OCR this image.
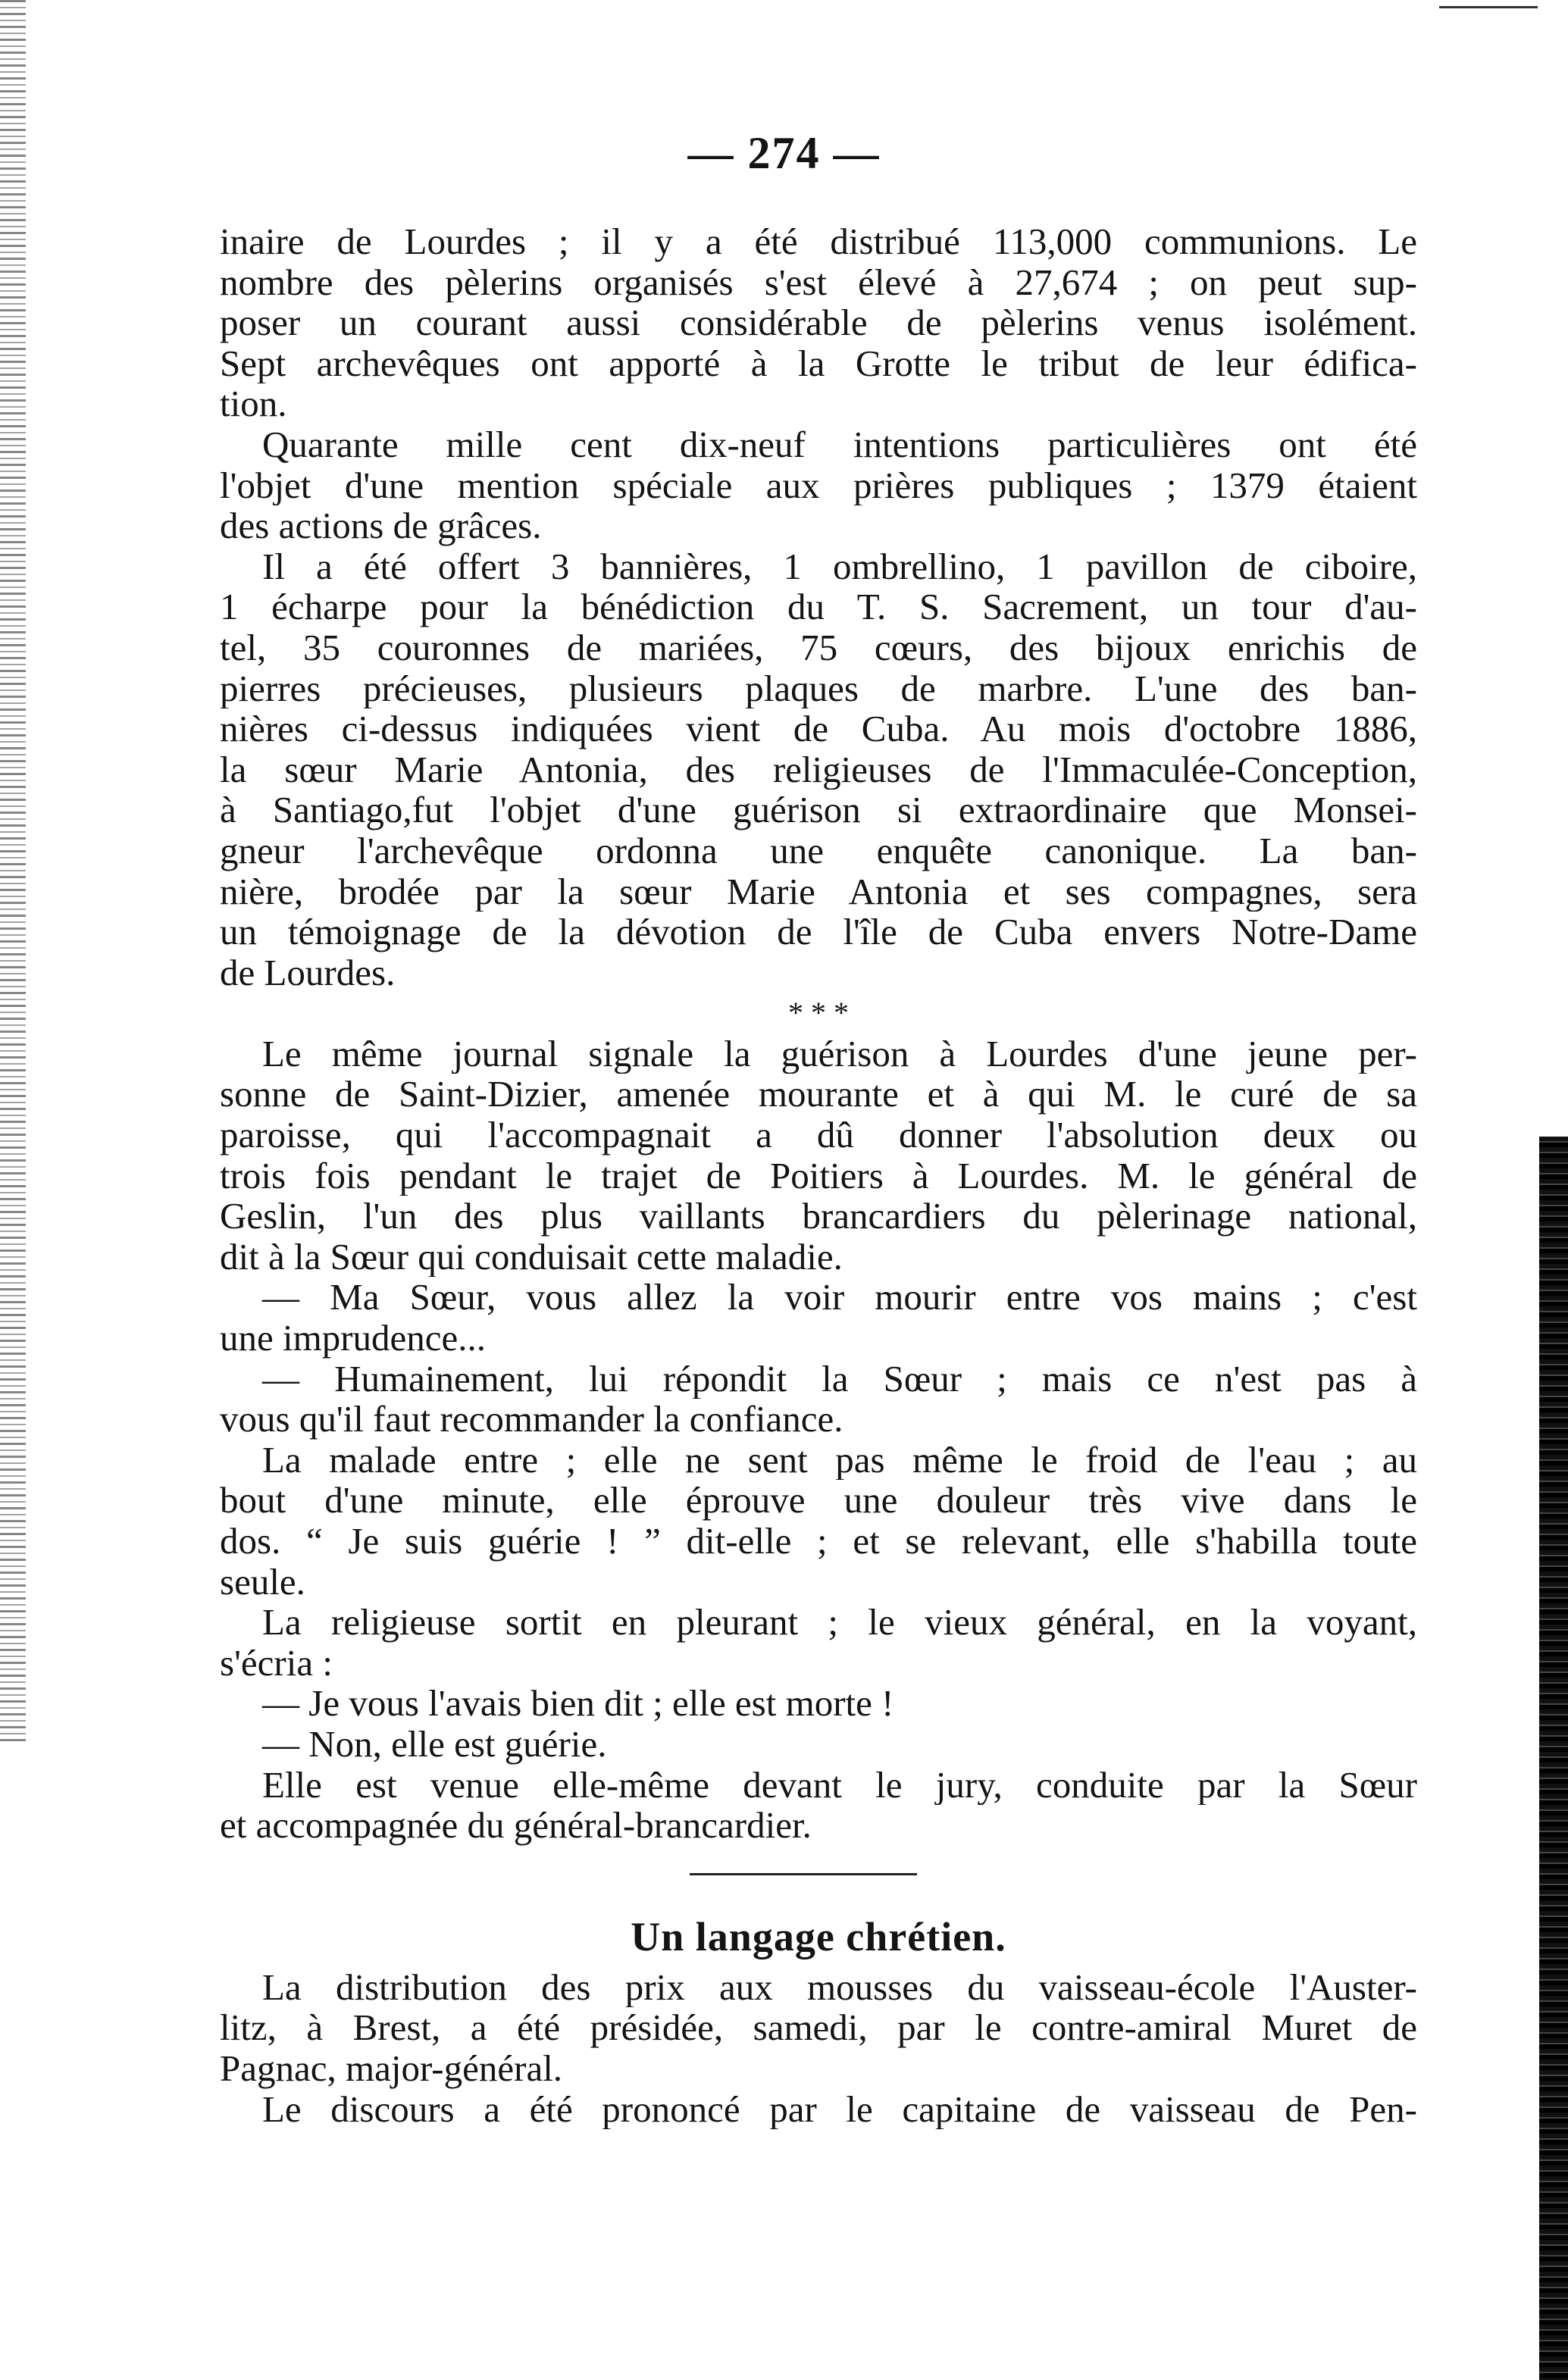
— 274 —
inaire de Lourdes ; il y a été distribué 113,000 communions. Le
nombre des pèlerins organisés s'est élevé à 27,674 ; on peut sup-
poser un courant aussi considérable de pèlerins venus isolément.
Sept archevêques ont apporté à la Grotte le tribut de leur édifica-
tion.
Quarante mille cent dix-neuf intentions particulières ont été
l'objet d'une mention spéciale aux prières publiques ; 1379 étaient
des actions de grâces.
Il a été offert 3 bannières, 1 ombrellino, 1 pavillon de ciboire,
1 écharpe pour la bénédiction du T. S. Sacrement, un tour d'au-
tel, 35 couronnes de mariées, 75 cœurs, des bijoux enrichis de
pierres précieuses, plusieurs plaques de marbre. L'une des ban-
nières ci-dessus indiquées vient de Cuba. Au mois d'octobre 1886,
la sœur Marie Antonia, des religieuses de l'Immaculée-Conception,
à Santiago,fut l'objet d'une guérison si extraordinaire que Monsei-
gneur l'archevêque ordonna une enquête canonique. La ban-
nière, brodée par la sœur Marie Antonia et ses compagnes, sera
un témoignage de la dévotion de l'île de Cuba envers Notre-Dame
de Lourdes.
* * *
Le même journal signale la guérison à Lourdes d'une jeune per-
sonne de Saint-Dizier, amenée mourante et à qui M. le curé de sa
paroisse, qui l'accompagnait a dû donner l'absolution deux ou
trois fois pendant le trajet de Poitiers à Lourdes. M. le général de
Geslin, l'un des plus vaillants brancardiers du pèlerinage national,
dit à la Sœur qui conduisait cette maladie.
— Ma Sœur, vous allez la voir mourir entre vos mains ; c'est
une imprudence...
— Humainement, lui répondit la Sœur ; mais ce n'est pas à
vous qu'il faut recommander la confiance.
La malade entre ; elle ne sent pas même le froid de l'eau ; au
bout d'une minute, elle éprouve une douleur très vive dans le
dos. “ Je suis guérie ! ” dit-elle ; et se relevant, elle s'habilla toute
seule.
La religieuse sortit en pleurant ; le vieux général, en la voyant,
s'écria :
— Je vous l'avais bien dit ; elle est morte !
— Non, elle est guérie.
Elle est venue elle-même devant le jury, conduite par la Sœur
et accompagnée du général-brancardier.
Un langage chrétien.
La distribution des prix aux mousses du vaisseau-école l'Auster-
litz, à Brest, a été présidée, samedi, par le contre-amiral Muret de
Pagnac, major-général.
Le discours a été prononcé par le capitaine de vaisseau de Pen-
